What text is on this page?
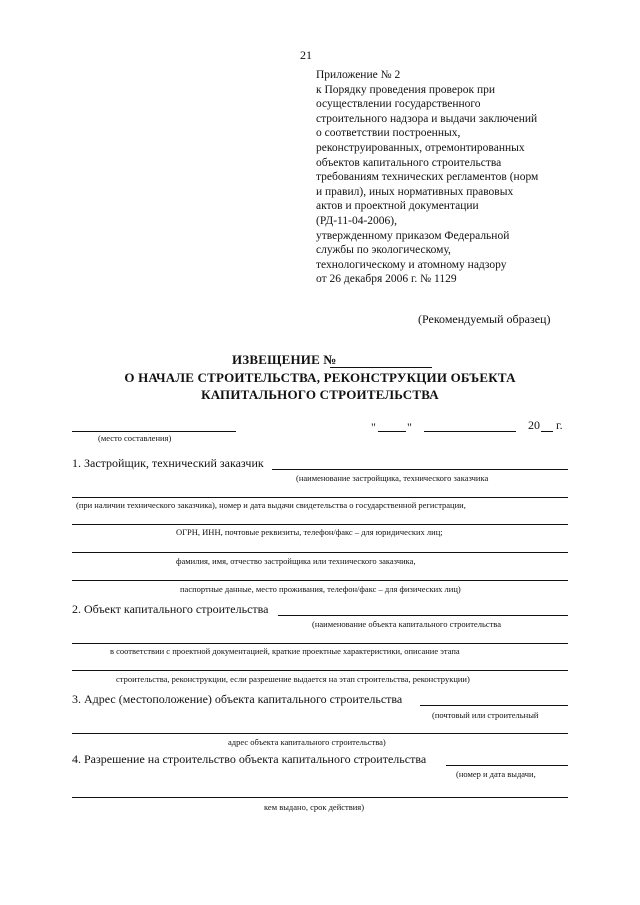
21
Приложение № 2
к Порядку проведения проверок при
осуществлении государственного
строительного надзора и выдачи заключений
о соответствии построенных,
реконструированных, отремонтированных
объектов капитального строительства
требованиям технических регламентов (норм
и правил), иных нормативных правовых
актов и проектной документации
(РД-11-04-2006),
утвержденному приказом Федеральной
службы по экологическому,
технологическому и атомному надзору
от 26 декабря 2006 г. № 1129
(Рекомендуемый образец)
ИЗВЕЩЕНИЕ №
О НАЧАЛЕ СТРОИТЕЛЬСТВА, РЕКОНСТРУКЦИИ ОБЪЕКТА
КАПИТАЛЬНОГО СТРОИТЕЛЬСТВА
(место составления)
"	"	20 г.
1. Застройщик, технический заказчик
(наименование застройщика, технического заказчика
(при наличии технического заказчика), номер и дата выдачи свидетельства о государственной регистрации,
ОГРН, ИНН, почтовые реквизиты, телефон/факс – для юридических лиц;
фамилия, имя, отчество застройщика или технического заказчика,
паспортные данные, место проживания, телефон/факс – для физических лиц)
2. Объект капитального строительства
(наименование объекта капитального строительства
в соответствии с проектной документацией, краткие проектные характеристики, описание этапа
строительства, реконструкции, если разрешение выдается на этап строительства, реконструкции)
3. Адрес (местоположение) объекта капитального строительства
(почтовый или строительный
адрес объекта капитального строительства)
4. Разрешение на строительство объекта капитального строительства
(номер и дата выдачи,
кем выдано, срок действия)
